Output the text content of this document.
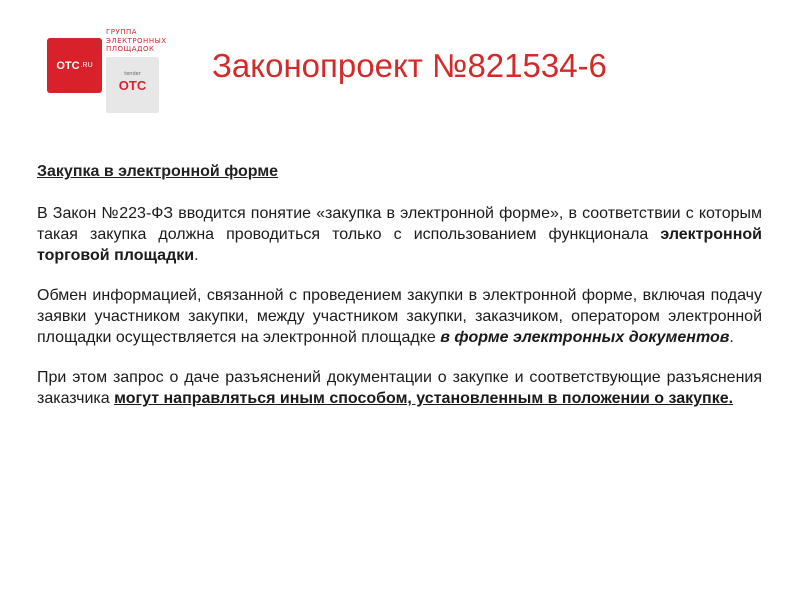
OTC .RU
ГРУППА ЭЛЕКТРОННЫХ ПЛОЩАДОК
tender
OTC
Законопроект №821534-6
Закупка в электронной форме

В Закон №223-ФЗ вводится понятие «закупка в электронной форме», в соответствии с которым такая закупка должна проводиться только с использованием функционала электронной торговой площадки.

Обмен информацией, связанной с проведением закупки в электронной форме, включая подачу заявки участником закупки, между участником закупки, заказчиком, оператором электронной площадки осуществляется на электронной площадке в форме электронных документов.

При этом запрос о даче разъяснений документации о закупке и соответствующие разъяснения заказчика могут направляться иным способом, установленным в положении о закупке.
